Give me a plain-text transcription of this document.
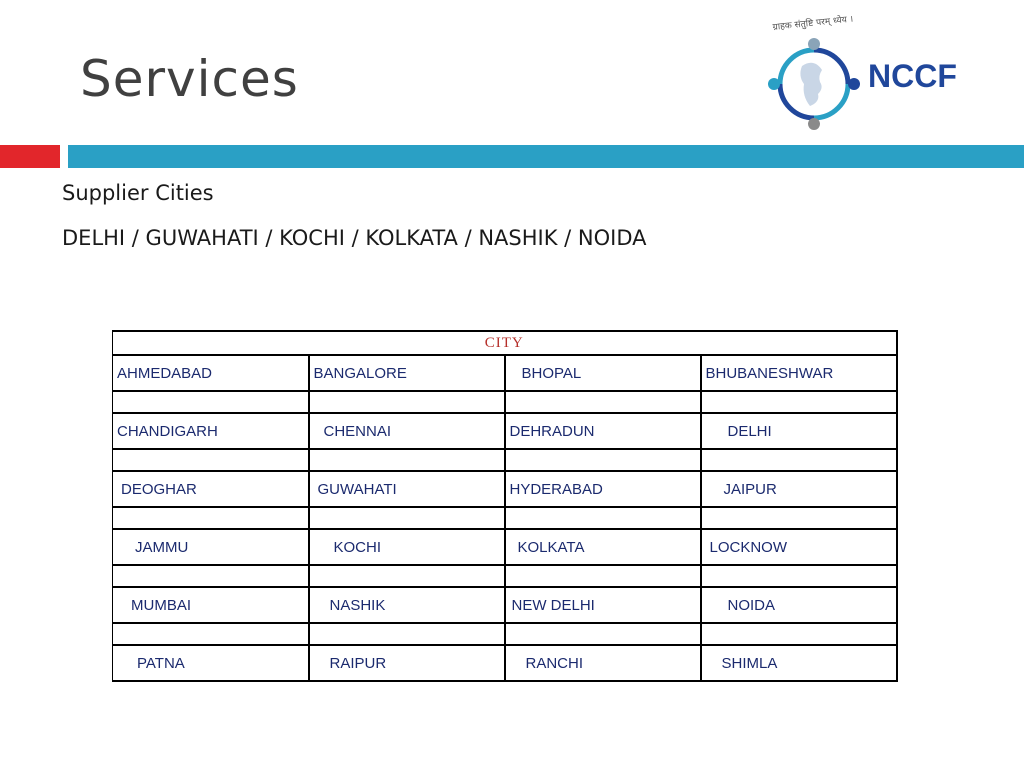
Services
ग्राहक संतुष्टि परम् ध्येय ।
NCCF
Supplier Cities
DELHI / GUWAHATI / KOCHI / KOLKATA / NASHIK / NOIDA
CITY			
AHMEDABAD	BANGALORE	BHOPAL	BHUBANESHWAR

CHANDIGARH	CHENNAI	DEHRADUN	DELHI

DEOGHAR	GUWAHATI	HYDERABAD	JAIPUR

JAMMU	KOCHI	KOLKATA	LOCKNOW

MUMBAI	NASHIK	NEW DELHI	NOIDA

PATNA	RAIPUR	RANCHI	SHIMLA
